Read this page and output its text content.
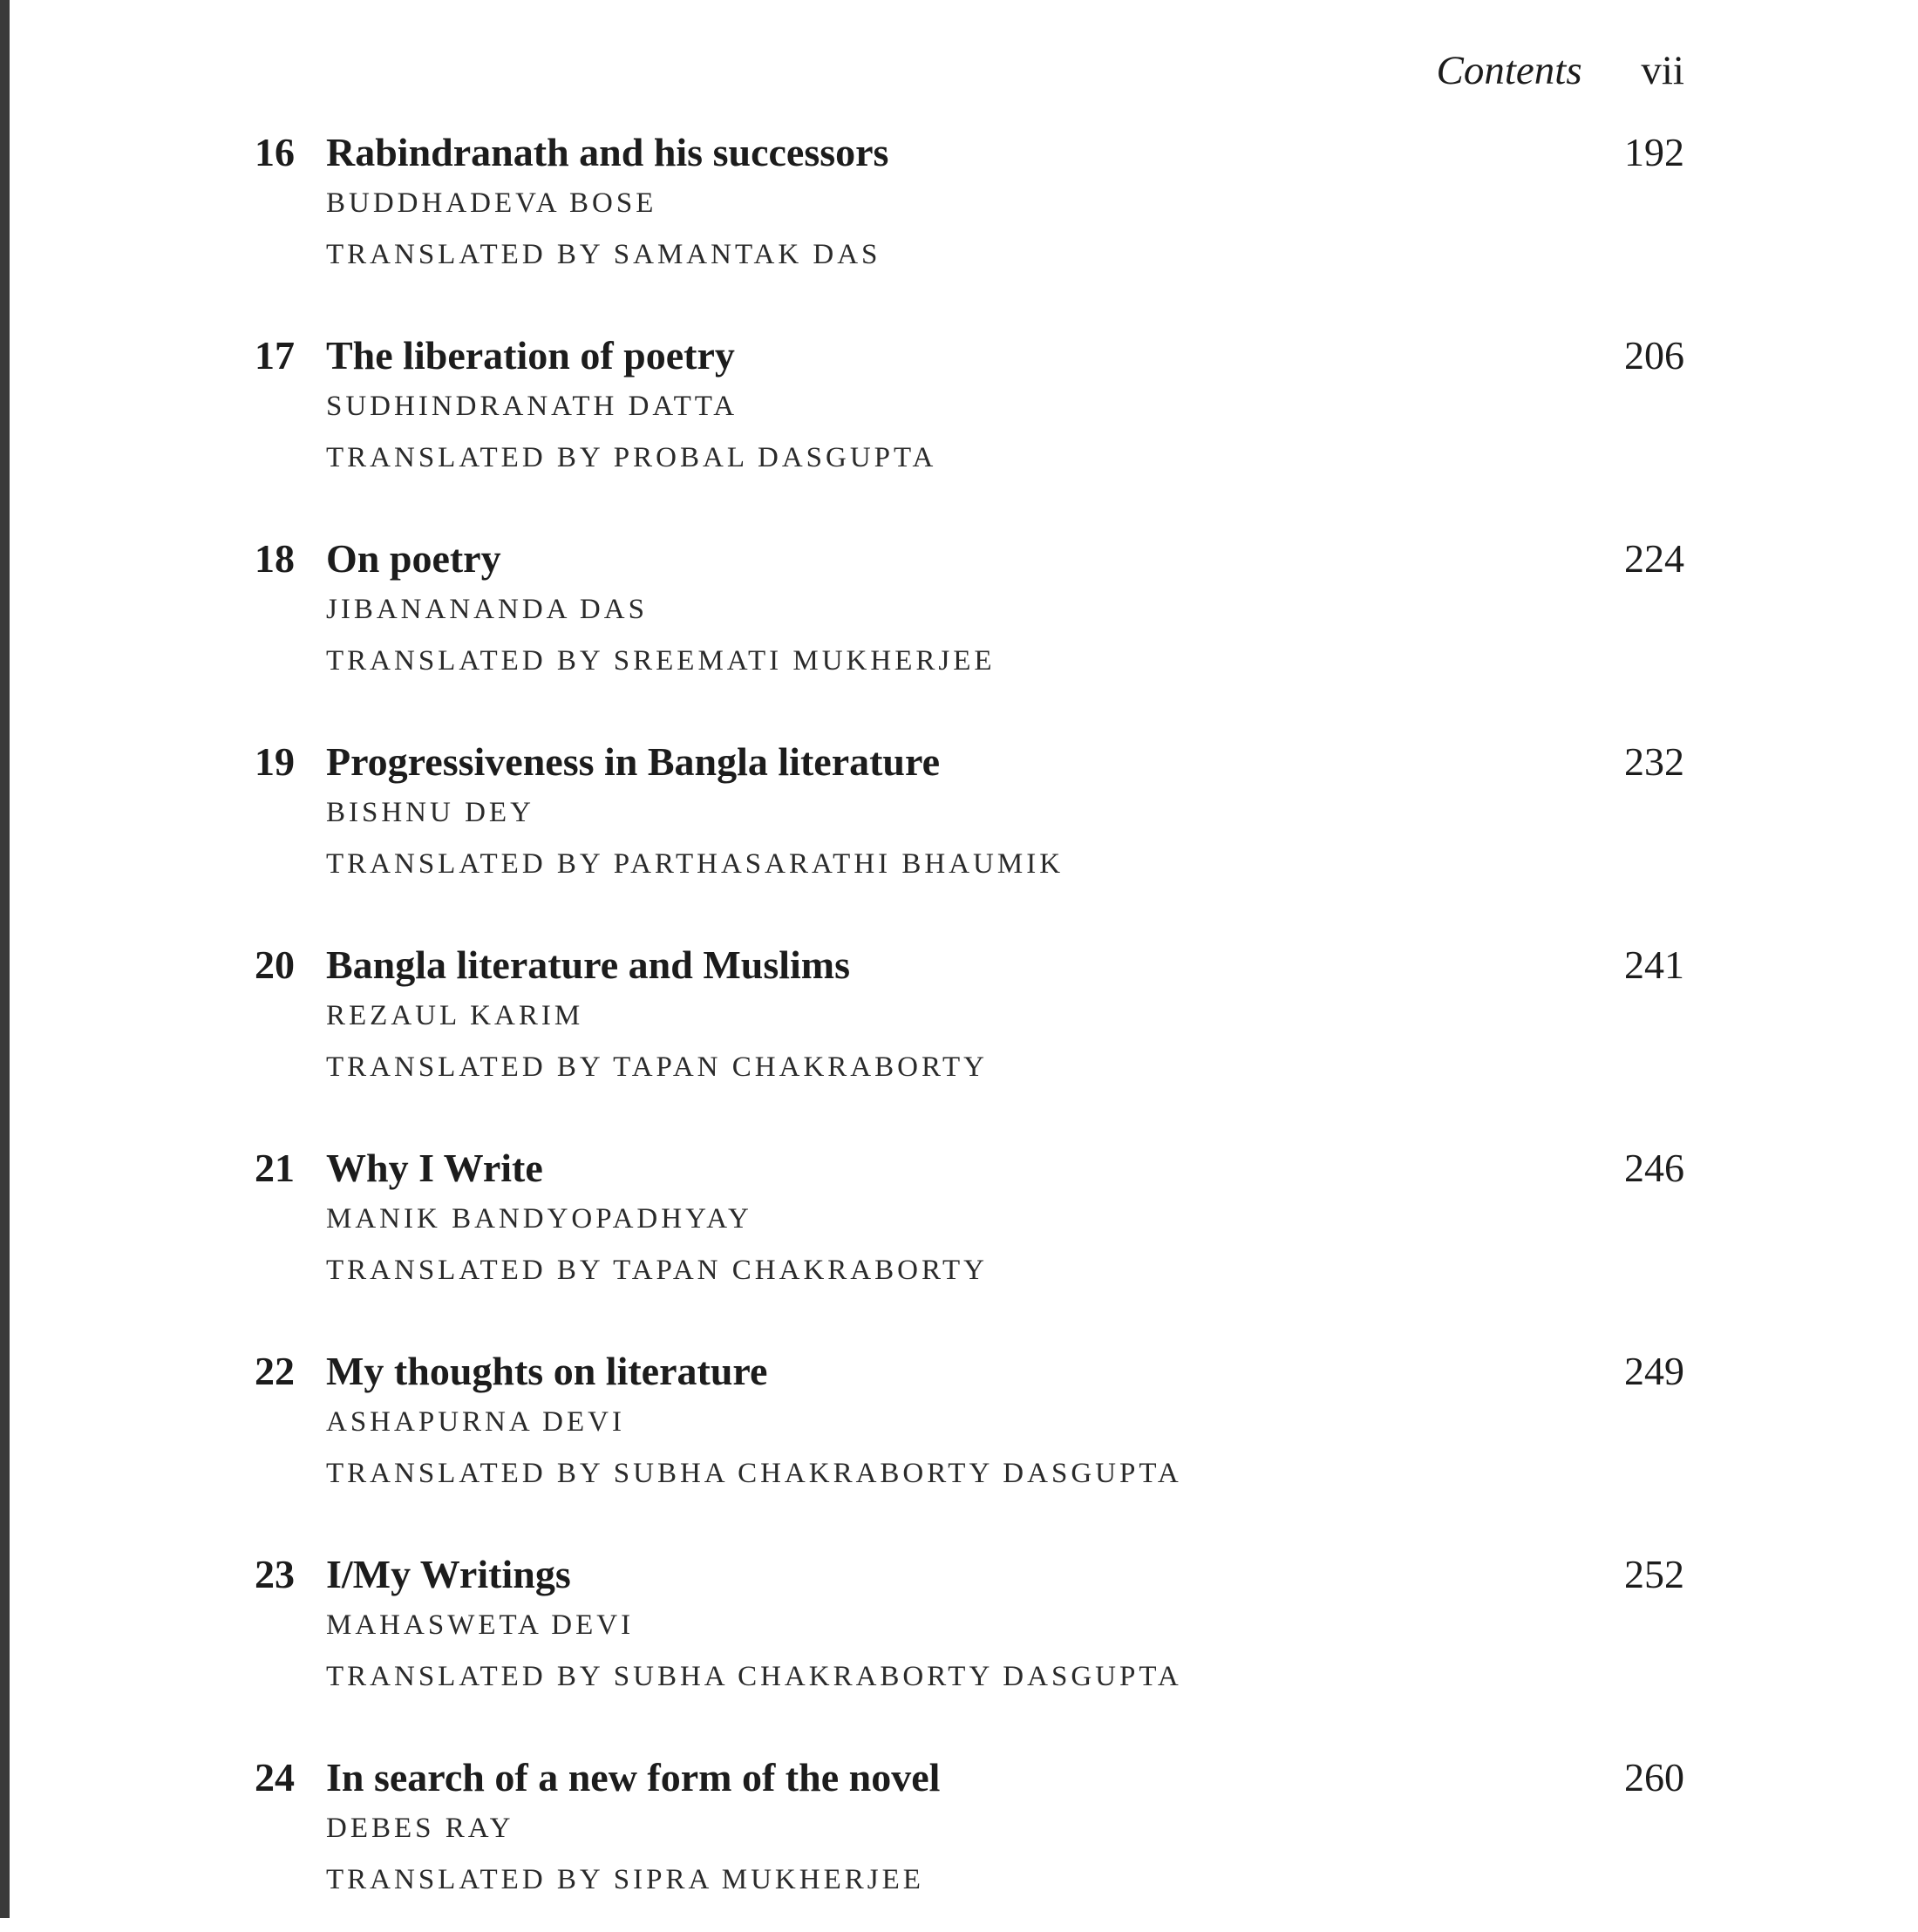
Contents vii
16 Rabindranath and his successors	192
BUDDHADEVA BOSE
TRANSLATED BY SAMANTAK DAS
17 The liberation of poetry	206
SUDHINDRANATH DATTA
TRANSLATED BY PROBAL DASGUPTA
18 On poetry	224
JIBANANANDA DAS
TRANSLATED BY SREEMATI MUKHERJEE
19 Progressiveness in Bangla literature	232
BISHNU DEY
TRANSLATED BY PARTHASARATHI BHAUMIK
20 Bangla literature and Muslims	241
REZAUL KARIM
TRANSLATED BY TAPAN CHAKRABORTY
21 Why I Write	246
MANIK BANDYOPADHYAY
TRANSLATED BY TAPAN CHAKRABORTY
22 My thoughts on literature	249
ASHAPURNA DEVI
TRANSLATED BY SUBHA CHAKRABORTY DASGUPTA
23 I/My Writings	252
MAHASWETA DEVI
TRANSLATED BY SUBHA CHAKRABORTY DASGUPTA
24 In search of a new form of the novel	260
DEBES RAY
TRANSLATED BY SIPRA MUKHERJEE
